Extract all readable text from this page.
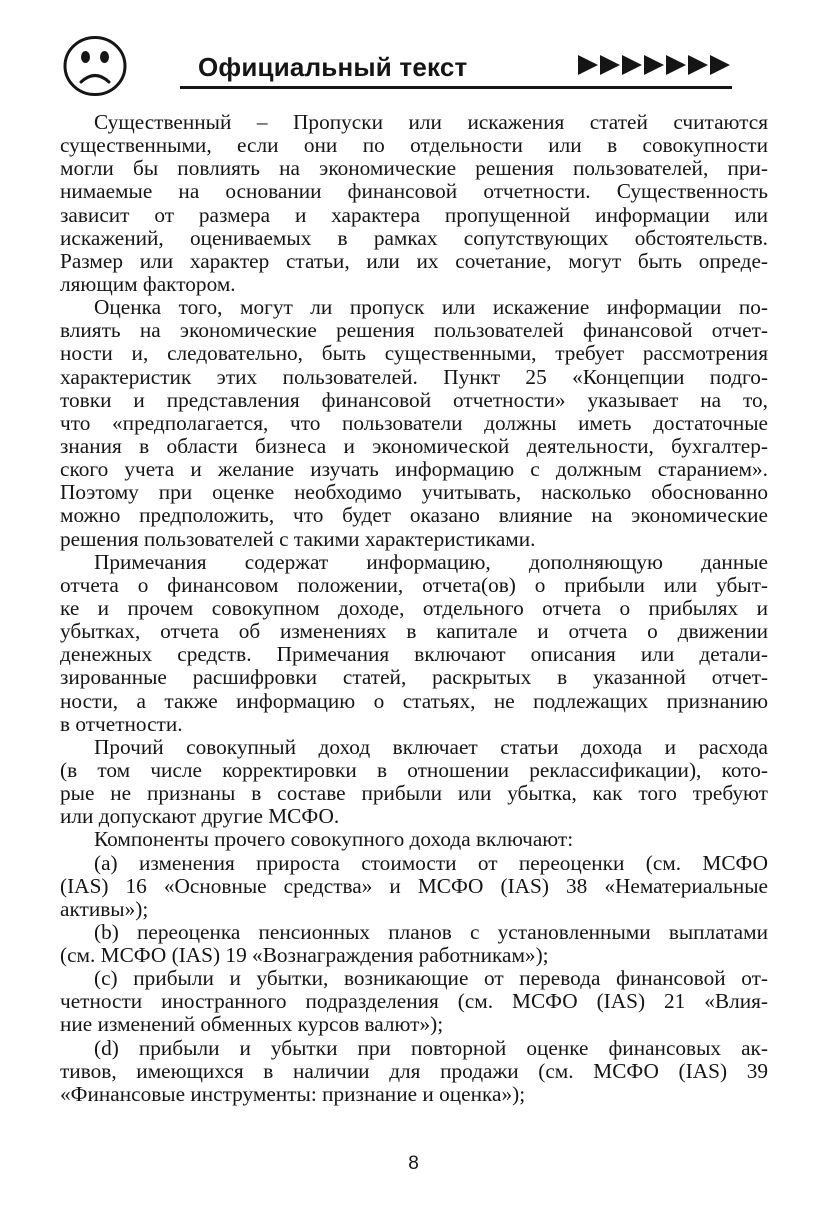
Официальный текст
Существенный – Пропуски или искажения статей считаются
существенными, если они по отдельности или в совокупности
могли бы повлиять на экономические решения пользователей, при-
нимаемые на основании финансовой отчетности. Существенность
зависит от размера и характера пропущенной информации или
искажений, оцениваемых в рамках сопутствующих обстоятельств.
Размер или характер статьи, или их сочетание, могут быть опреде-
ляющим фактором.
Оценка того, могут ли пропуск или искажение информации по-
влиять на экономические решения пользователей финансовой отчет-
ности и, следовательно, быть существенными, требует рассмотрения
характеристик этих пользователей. Пункт 25 «Концепции подго-
товки и представления финансовой отчетности» указывает на то,
что «предполагается, что пользователи должны иметь достаточные
знания в области бизнеса и экономической деятельности, бухгалтер-
ского учета и желание изучать информацию с должным старанием».
Поэтому при оценке необходимо учитывать, насколько обоснованно
можно предположить, что будет оказано влияние на экономические
решения пользователей с такими характеристиками.
Примечания содержат информацию, дополняющую данные
отчета о финансовом положении, отчета(ов) о прибыли или убыт-
ке и прочем совокупном доходе, отдельного отчета о прибылях и
убытках, отчета об изменениях в капитале и отчета о движении
денежных средств. Примечания включают описания или детали-
зированные расшифровки статей, раскрытых в указанной отчет-
ности, а также информацию о статьях, не подлежащих признанию
в отчетности.
Прочий совокупный доход включает статьи дохода и расхода
(в том числе корректировки в отношении реклассификации), кото-
рые не признаны в составе прибыли или убытка, как того требуют
или допускают другие МСФО.
Компоненты прочего совокупного дохода включают:
(а) изменения прироста стоимости от переоценки (см. МСФО
(IAS) 16 «Основные средства» и МСФО (IAS) 38 «Нематериальные
активы»);
(b) переоценка пенсионных планов с установленными выплатами
(см. МСФО (IAS) 19 «Вознаграждения работникам»);
(c) прибыли и убытки, возникающие от перевода финансовой от-
четности иностранного подразделения (см. МСФО (IAS) 21 «Влия-
ние изменений обменных курсов валют»);
(d) прибыли и убытки при повторной оценке финансовых ак-
тивов, имеющихся в наличии для продажи (см. МСФО (IAS) 39
«Финансовые инструменты: признание и оценка»);
8
